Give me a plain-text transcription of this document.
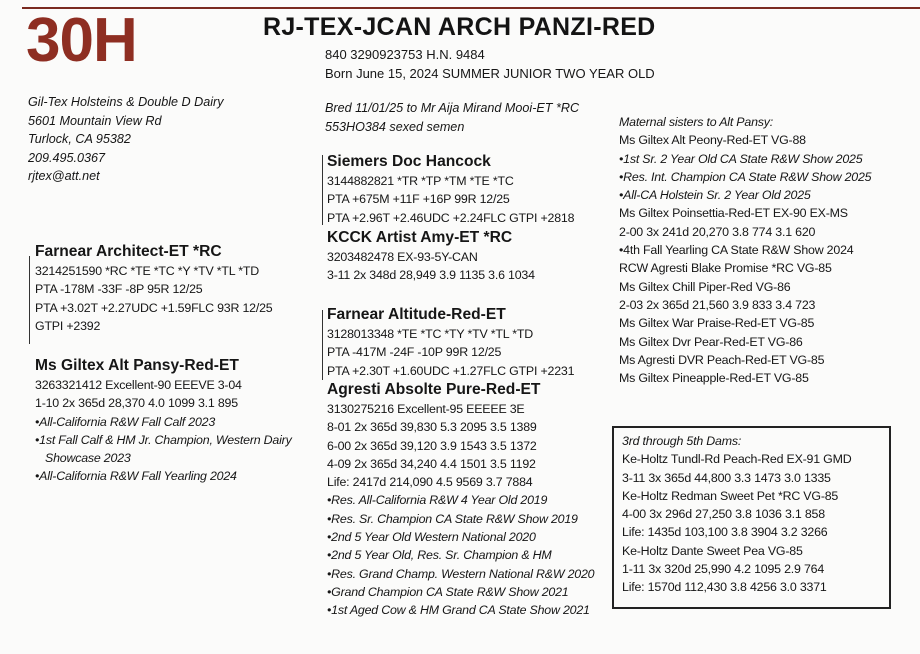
30H	RJ-TEX-JCAN ARCH PANZI-RED
840 3290923753 H.N. 9484
Born June 15, 2024 SUMMER JUNIOR TWO YEAR OLD
Gil-Tex Holsteins & Double D Dairy
5601 Mountain View Rd
Turlock, CA 95382
209.495.0367
rjtex@att.net
Bred 11/01/25 to Mr Aija Mirand Mooi-ET *RC
553HO384 sexed semen
Farnear Architect-ET *RC
3214251590 *RC *TE *TC *Y *TV *TL *TD
PTA -178M -33F -8P 95R 12/25
PTA +3.02T +2.27UDC +1.59FLC 93R 12/25
GTPI +2392
Ms Giltex Alt Pansy-Red-ET
3263321412 Excellent-90 EEEVE 3-04
1-10 2x 365d 28,370 4.0 1099 3.1 895
•All-California R&W Fall Calf 2023
•1st Fall Calf & HM Jr. Champion, Western Dairy
Showcase 2023
•All-California R&W Fall Yearling 2024
Siemers Doc Hancock
3144882821 *TR *TP *TM *TE *TC
PTA +675M +11F +16P 99R 12/25
PTA +2.96T +2.46UDC +2.24FLC GTPI +2818
KCCK Artist Amy-ET *RC
3203482478 EX-93-5Y-CAN
3-11 2x 348d 28,949 3.9 1135 3.6 1034
Farnear Altitude-Red-ET
3128013348 *TE *TC *TY *TV *TL *TD
PTA -417M -24F -10P 99R 12/25
PTA +2.30T +1.60UDC +1.27FLC GTPI +2231
Agresti Absolte Pure-Red-ET
3130275216 Excellent-95 EEEEE 3E
8-01 2x 365d 39,830 5.3 2095 3.5 1389
6-00 2x 365d 39,120 3.9 1543 3.5 1372
4-09 2x 365d 34,240 4.4 1501 3.5 1192
Life: 2417d 214,090 4.5 9569 3.7 7884
•Res. All-California R&W 4 Year Old 2019
•Res. Sr. Champion CA State R&W Show 2019
•2nd 5 Year Old Western National 2020
•2nd 5 Year Old, Res. Sr. Champion & HM
•Res. Grand Champ. Western National R&W 2020
•Grand Champion CA State R&W Show 2021
•1st Aged Cow & HM Grand CA State Show 2021
Maternal sisters to Alt Pansy:
Ms Giltex Alt Peony-Red-ET VG-88
•1st Sr. 2 Year Old CA State R&W Show 2025
•Res. Int. Champion CA State R&W Show 2025
•All-CA Holstein Sr. 2 Year Old 2025
Ms Giltex Poinsettia-Red-ET EX-90 EX-MS
2-00 3x 241d 20,270 3.8 774 3.1 620
•4th Fall Yearling CA State R&W Show 2024
RCW Agresti Blake Promise *RC VG-85
Ms Giltex Chill Piper-Red VG-86
2-03 2x 365d 21,560 3.9 833 3.4 723
Ms Giltex War Praise-Red-ET VG-85
Ms Giltex Dvr Pear-Red-ET VG-86
Ms Agresti DVR Peach-Red-ET VG-85
Ms Giltex Pineapple-Red-ET VG-85
3rd through 5th Dams:
Ke-Holtz Tundl-Rd Peach-Red EX-91 GMD
3-11 3x 365d 44,800 3.3 1473 3.0 1335
Ke-Holtz Redman Sweet Pet *RC VG-85
4-00 3x 296d 27,250 3.8 1036 3.1 858
Life: 1435d 103,100 3.8 3904 3.2 3266
Ke-Holtz Dante Sweet Pea VG-85
1-11 3x 320d 25,990 4.2 1095 2.9 764
Life: 1570d 112,430 3.8 4256 3.0 3371
